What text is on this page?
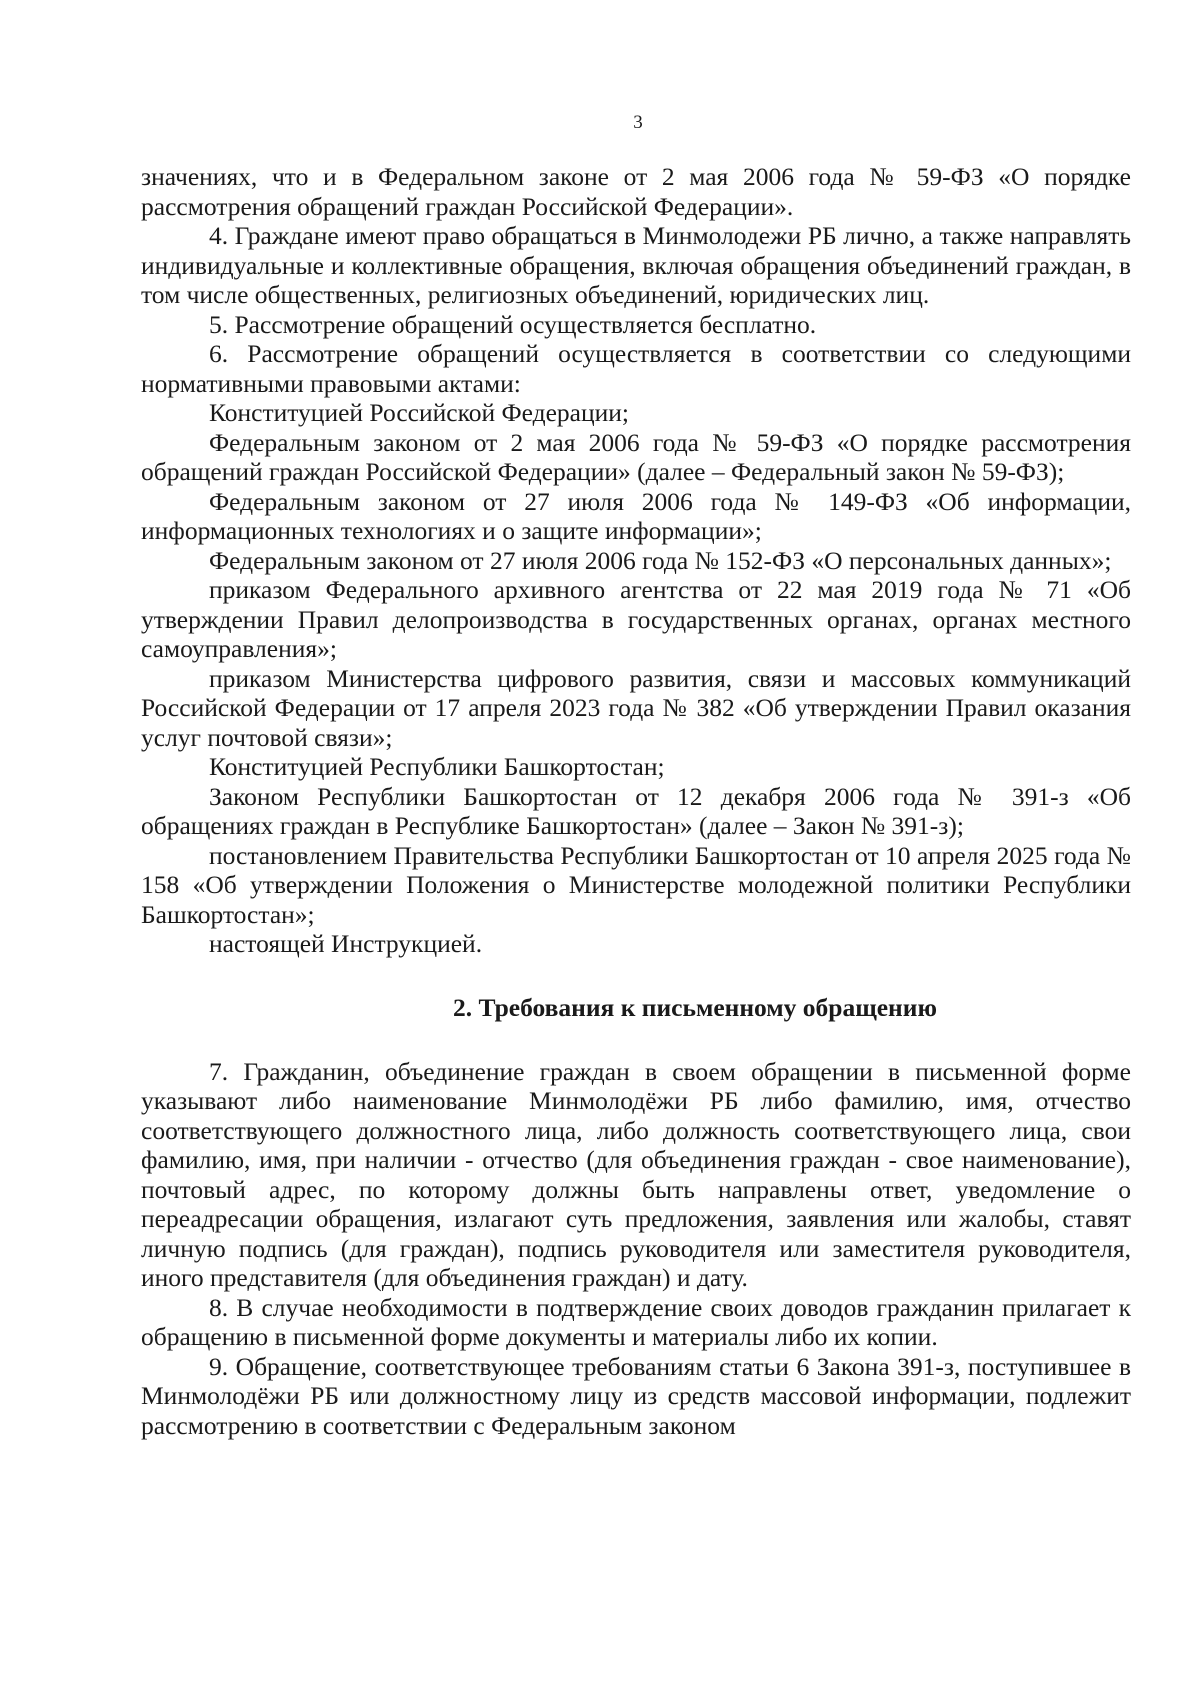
3

значениях, что и в Федеральном законе от 2 мая 2006 года № 59-ФЗ «О порядке рассмотрения обращений граждан Российской Федерации».

4. Граждане имеют право обращаться в Минмолодежи РБ лично, а также направлять индивидуальные и коллективные обращения, включая обращения объединений граждан, в том числе общественных, религиозных объединений, юридических лиц.

5. Рассмотрение обращений осуществляется бесплатно.

6. Рассмотрение обращений осуществляется в соответствии со следующими нормативными правовыми актами:

Конституцией Российской Федерации;

Федеральным законом от 2 мая 2006 года № 59-ФЗ «О порядке рассмотрения обращений граждан Российской Федерации» (далее – Федеральный закон № 59-ФЗ);

Федеральным законом от 27 июля 2006 года № 149-ФЗ «Об информации, информационных технологиях и о защите информации»;

Федеральным законом от 27 июля 2006 года № 152-ФЗ «О персональных данных»;

приказом Федерального архивного агентства от 22 мая 2019 года № 71 «Об утверждении Правил делопроизводства в государственных органах, органах местного самоуправления»;

приказом Министерства цифрового развития, связи и массовых коммуникаций Российской Федерации от 17 апреля 2023 года № 382 «Об утверждении Правил оказания услуг почтовой связи»;

Конституцией Республики Башкортостан;

Законом Республики Башкортостан от 12 декабря 2006 года № 391-з «Об обращениях граждан в Республике Башкортостан» (далее – Закон № 391-з);

постановлением Правительства Республики Башкортостан от 10 апреля 2025 года № 158 «Об утверждении Положения о Министерстве молодежной политики Республики Башкортостан»;

настоящей Инструкцией.

2. Требования к письменному обращению

7. Гражданин, объединение граждан в своем обращении в письменной форме указывают либо наименование Минмолодёжи РБ либо фамилию, имя, отчество соответствующего должностного лица, либо должность соответствующего лица, свои фамилию, имя, при наличии - отчество (для объединения граждан - свое наименование), почтовый адрес, по которому должны быть направлены ответ, уведомление о переадресации обращения, излагают суть предложения, заявления или жалобы, ставят личную подпись (для граждан), подпись руководителя или заместителя руководителя, иного представителя (для объединения граждан) и дату.

8. В случае необходимости в подтверждение своих доводов гражданин прилагает к обращению в письменной форме документы и материалы либо их копии.

9. Обращение, соответствующее требованиям статьи 6 Закона 391-з, поступившее в Минмолодёжи РБ или должностному лицу из средств массовой информации, подлежит рассмотрению в соответствии с Федеральным законом
